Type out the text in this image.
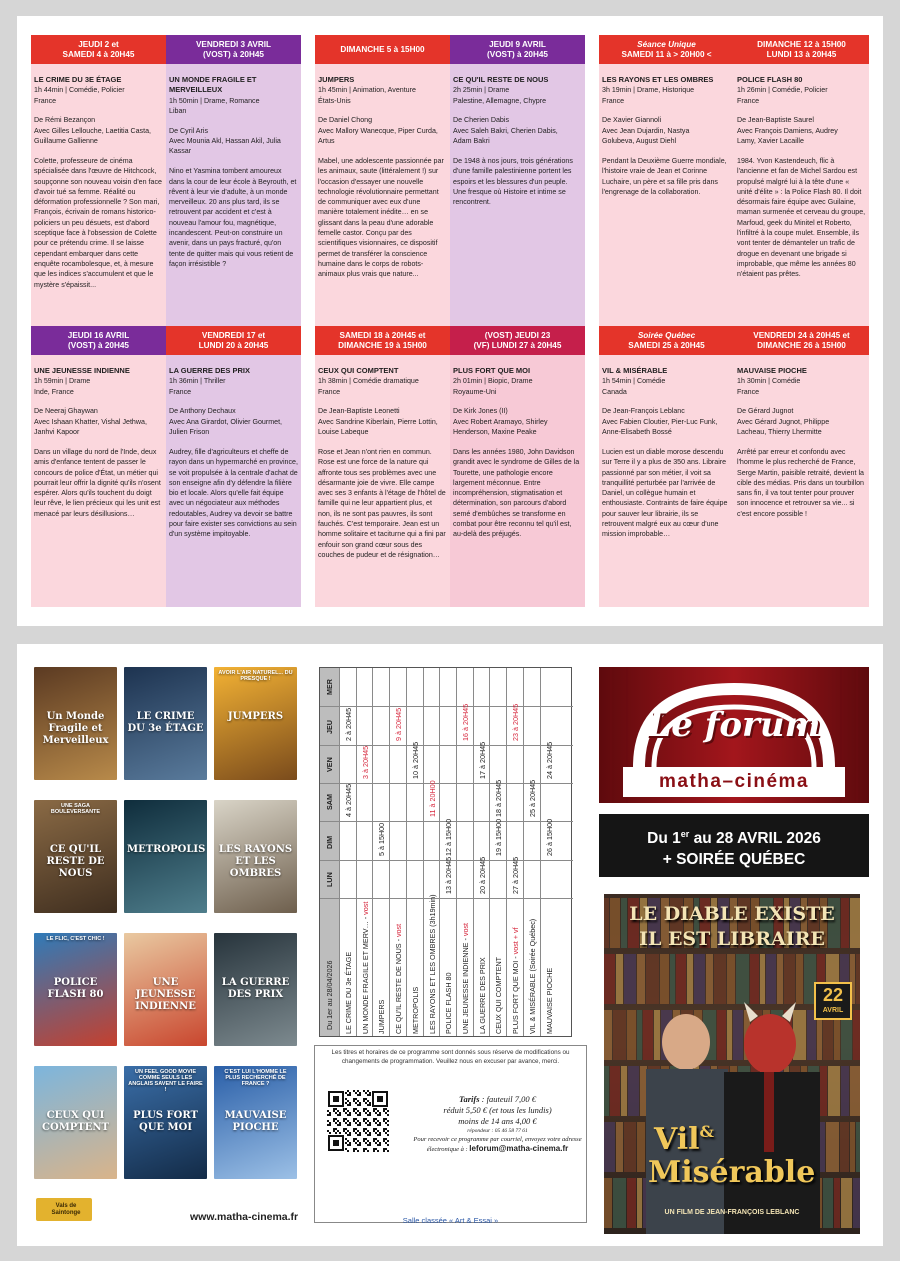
JEUDI 2 et
SAMEDI 4 à 20H45
LE CRIME DU 3E ÉTAGE
1h 44min | Comédie, Policier
France
De Rémi Bezançon
Avec Gilles Lellouche, Laetitia Casta,
Guillaume Gallienne
Colette, professeure de cinéma spécialisée dans l'œuvre de Hitchcock, soupçonne son nouveau voisin d'en face d'avoir tué sa femme. Réalité ou déformation professionnelle ? Son mari, François, écrivain de romans historico-policiers un peu désuets, est d'abord sceptique face à l'obsession de Colette pour ce prétendu crime. Il se laisse cependant embarquer dans cette enquête rocambolesque, et, à mesure que les indices s'accumulent et que le mystère s'épaissit...
VENDREDI 3 AVRIL
(VOST) à 20H45
UN MONDE FRAGILE ET MERVEILLEUX
1h 50min | Drame, Romance
Liban
De Cyril Aris
Avec Mounia Akl, Hassan Akil, Julia
Kassar
Nino et Yasmina tombent amoureux dans la cour de leur école à Beyrouth, et rêvent à leur vie d'adulte, à un monde merveilleux. 20 ans plus tard, ils se retrouvent par accident et c'est à nouveau l'amour fou, magnétique, incandescent. Peut-on construire un avenir, dans un pays fracturé, qu'on tente de quitter mais qui vous retient de façon irrésistible ?
DIMANCHE 5 à 15H00
JUMPERS
1h 45min | Animation, Aventure
États-Unis
De Daniel Chong
Avec Mallory Wanecque, Piper Curda,
Artus
Mabel, une adolescente passionnée par les animaux, saute (littéralement !) sur l'occasion d'essayer une nouvelle technologie révolutionnaire permettant de communiquer avec eux d'une manière totalement inédite… en se glissant dans la peau d'une adorable femelle castor. Conçu par des scientifiques visionnaires, ce dispositif permet de transférer la conscience humaine dans le corps de robots-animaux plus vrais que nature...
JEUDI 9 AVRIL
(VOST) à 20H45
CE QU'IL RESTE DE NOUS
2h 25min | Drame
Palestine, Allemagne, Chypre
De Cherien Dabis
Avec Saleh Bakri, Cherien Dabis,
Adam Bakri
De 1948 à nos jours, trois générations d'une famille palestinienne portent les espoirs et les blessures d'un peuple. Une fresque où Histoire et intime se rencontrent.
Séance Unique
SAMEDI 11 à > 20H00 <
LES RAYONS ET LES OMBRES
3h 19min | Drame, Historique
France
De Xavier Giannoli
Avec Jean Dujardin, Nastya
Golubeva, August Diehl
Pendant la Deuxième Guerre mondiale, l'histoire vraie de Jean et Corinne Luchaire, un père et sa fille pris dans l'engrenage de la collaboration.
DIMANCHE 12 à 15H00
LUNDI 13 à 20H45
POLICE FLASH 80
1h 26min | Comédie, Policier
France
De Jean-Baptiste Saurel
Avec François Damiens, Audrey
Lamy, Xavier Lacaille
1984. Yvon Kastendeuch, flic à l'ancienne et fan de Michel Sardou est propulsé malgré lui à la tête d'une « unité d'élite » : la Police Flash 80. Il doit désormais faire équipe avec Guilaine, maman surmenée et cerveau du groupe, Marfoud, geek du Minitel et Roberto, l'infiltré à la coupe mulet. Ensemble, ils vont tenter de démanteler un trafic de drogue en devenant une brigade si improbable, que même les années 80 n'étaient pas prêtes.
JEUDI 16 AVRIL
(VOST) à 20H45
UNE JEUNESSE INDIENNE
1h 59min | Drame
Inde, France
De Neeraj Ghaywan
Avec Ishaan Khatter, Vishal Jethwa,
Janhvi Kapoor
Dans un village du nord de l'Inde, deux amis d'enfance tentent de passer le concours de police d'État, un métier qui pourrait leur offrir la dignité qu'ils n'osent espérer. Alors qu'ils touchent du doigt leur rêve, le lien précieux qui les unit est menacé par leurs désillusions…
VENDREDI 17 et
LUNDI 20 à 20H45
LA GUERRE DES PRIX
1h 36min | Thriller
France
De Anthony Dechaux
Avec Ana Girardot, Olivier Gourmet,
Julien Frison
Audrey, fille d'agriculteurs et cheffe de rayon dans un hypermarché en province, se voit propulsée à la centrale d'achat de son enseigne afin d'y défendre la filière bio et locale. Alors qu'elle fait équipe avec un négociateur aux méthodes redoutables, Audrey va devoir se battre pour faire exister ses convictions au sein d'un système impitoyable.
SAMEDI 18 à 20H45 et
DIMANCHE 19 à 15H00
CEUX QUI COMPTENT
1h 38min | Comédie dramatique
France
De Jean-Baptiste Leonetti
Avec Sandrine Kiberlain, Pierre Lottin,
Louise Labeque
Rose et Jean n'ont rien en commun. Rose est une force de la nature qui affronte tous ses problèmes avec une désarmante joie de vivre. Elle campe avec ses 3 enfants à l'étage de l'hôtel de famille qui ne leur appartient plus, et non, ils ne sont pas pauvres, ils sont fauchés. C'est temporaire. Jean est un homme solitaire et taciturne qui a fini par enfouir son grand cœur sous des couches de pudeur et de résignation…
(VOST) JEUDI 23
(VF) LUNDI 27 à 20H45
PLUS FORT QUE MOI
2h 01min | Biopic, Drame
Royaume-Uni
De Kirk Jones (II)
Avec Robert Aramayo, Shirley
Henderson, Maxine Peake
Dans les années 1980, John Davidson grandit avec le syndrome de Gilles de la Tourette, une pathologie encore largement méconnue. Entre incompréhension, stigmatisation et détermination, son parcours d'abord semé d'embûches se transforme en combat pour être reconnu tel qu'il est, au-delà des préjugés.
Soirée Québec
SAMEDI 25 à 20H45
VIL & MISÉRABLE
1h 54min | Comédie
Canada
De Jean-François Leblanc
Avec Fabien Cloutier, Pier-Luc Funk,
Anne-Elisabeth Bossé
Lucien est un diable morose descendu sur Terre il y a plus de 350 ans. Libraire passionné par son métier, il voit sa tranquillité perturbée par l'arrivée de Daniel, un collègue humain et enthousiaste. Contraints de faire équipe pour sauver leur librairie, ils se retrouvent malgré eux au cœur d'une mission improbable…
VENDREDI 24 à 20H45 et
DIMANCHE 26 à 15H00
MAUVAISE PIOCHE
1h 30min | Comédie
France
De Gérard Jugnot
Avec Gérard Jugnot, Philippe
Lacheau, Thierry Lhermitte
Arrêté par erreur et confondu avec l'homme le plus recherché de France, Serge Martin, paisible retraité, devient la cible des médias. Pris dans un tourbillon sans fin, il va tout tenter pour prouver son innocence et retrouver sa vie... si c'est encore possible !
Un Monde Fragile et Merveilleux
LE CRIME DU 3e ÉTAGE
AVOIR L'AIR NATUREL... DU PRESQUE !
JUMPERS
UNE SAGA BOULEVERSANTE
CE QU'IL RESTE DE NOUS
METROPOLIS LES RAYONS ET LES OMBRES
LE FLIC, C'EST CHIC !
POLICE FLASH 80
UNE JEUNESSE INDIENNE
LA GUERRE DES PRIX
CEUX QUI COMPTENT
UN FEEL GOOD MOVIE COMME SEULS LES ANGLAIS SAVENT LE FAIRE !
PLUS FORT QUE MOI
C'EST LUI L'HOMME LE PLUS RECHERCHÉ DE FRANCE ?
MAUVAISE PIOCHE
MER
JEU
VEN
SAM
DIM
LUN
Du 1er au 28/04/2026 LE CRIME DU 3e ÉTAGE
2 à 20H45
4 à 20H45
UN MONDE FRAGILE ET MERV… - vost
3 à 20H45
JUMPERS
5 à 15H00
CE QU'IL RESTE DE NOUS - vost
9 à 20H45
METROPOLIS
10 à 20H45
LES RAYONS ET LES OMBRES (3h19min)
11 à 20H00
POLICE FLASH 80
12 à 15H00
13 à 20H45
UNE JEUNESSE INDIENNE - vost
16 à 20H45
LA GUERRE DES PRIX
17 à 20H45
20 à 20H45
CEUX QUI COMPTENT
18 à 20H45
19 à 15H00
PLUS FORT QUE MOI - vost + vf
23 à 20H45
27 à 20H45
VIL & MISÉRABLE (Soirée Québec)
25 à 20H45
MAUVAISE PIOCHE
24 à 20H45
26 à 15H00
Les titres et horaires de ce programme sont donnés sous réserve de modifications ou changements de programmation. Veuillez nous en excuser par avance, merci.
Tarifs : fauteuil 7,00 €
réduit 5,50 € (et tous les lundis)
moins de 14 ans 4,00 €
répondeur : 05 46 58 77 61
Pour recevoir ce programme par courriel, envoyez votre adresse électronique à : leforum@matha-cinema.fr
Salle classée « Art & Essai »
Vals de Saintonge	www.matha-cinema.fr
Le forum
matha–cinéma
Du 1er au 28 AVRIL 2026
+ SOIRÉE QUÉBEC
LE DIABLE EXISTE
IL EST LIBRAIRE
22
AVRIL
Vil&
Misérable
UN FILM DE JEAN-FRANÇOIS LEBLANC
